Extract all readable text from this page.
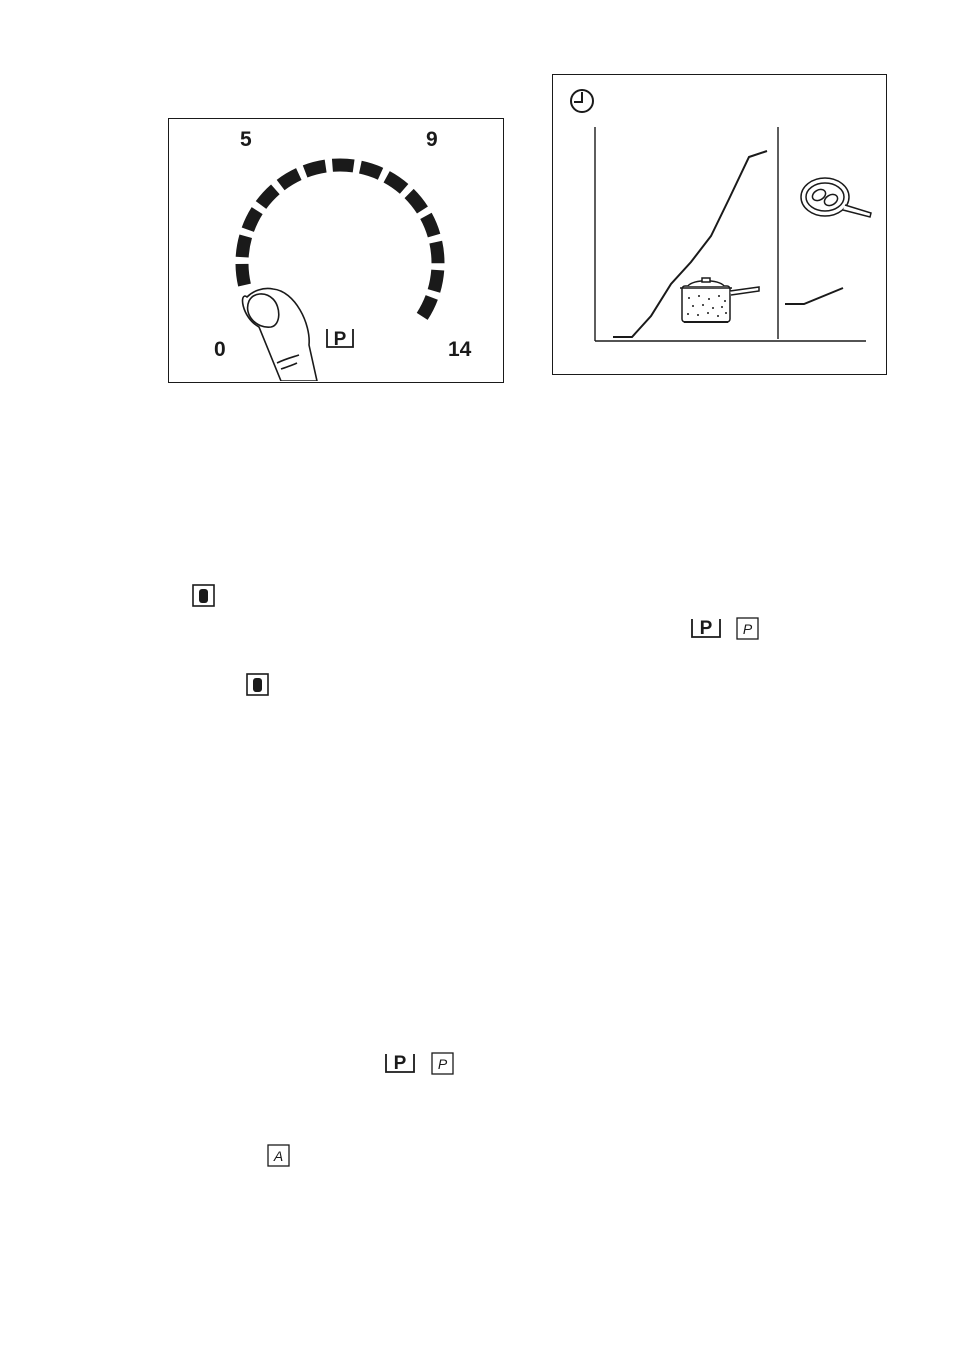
P
5	9
0	14
P P
P P
A
